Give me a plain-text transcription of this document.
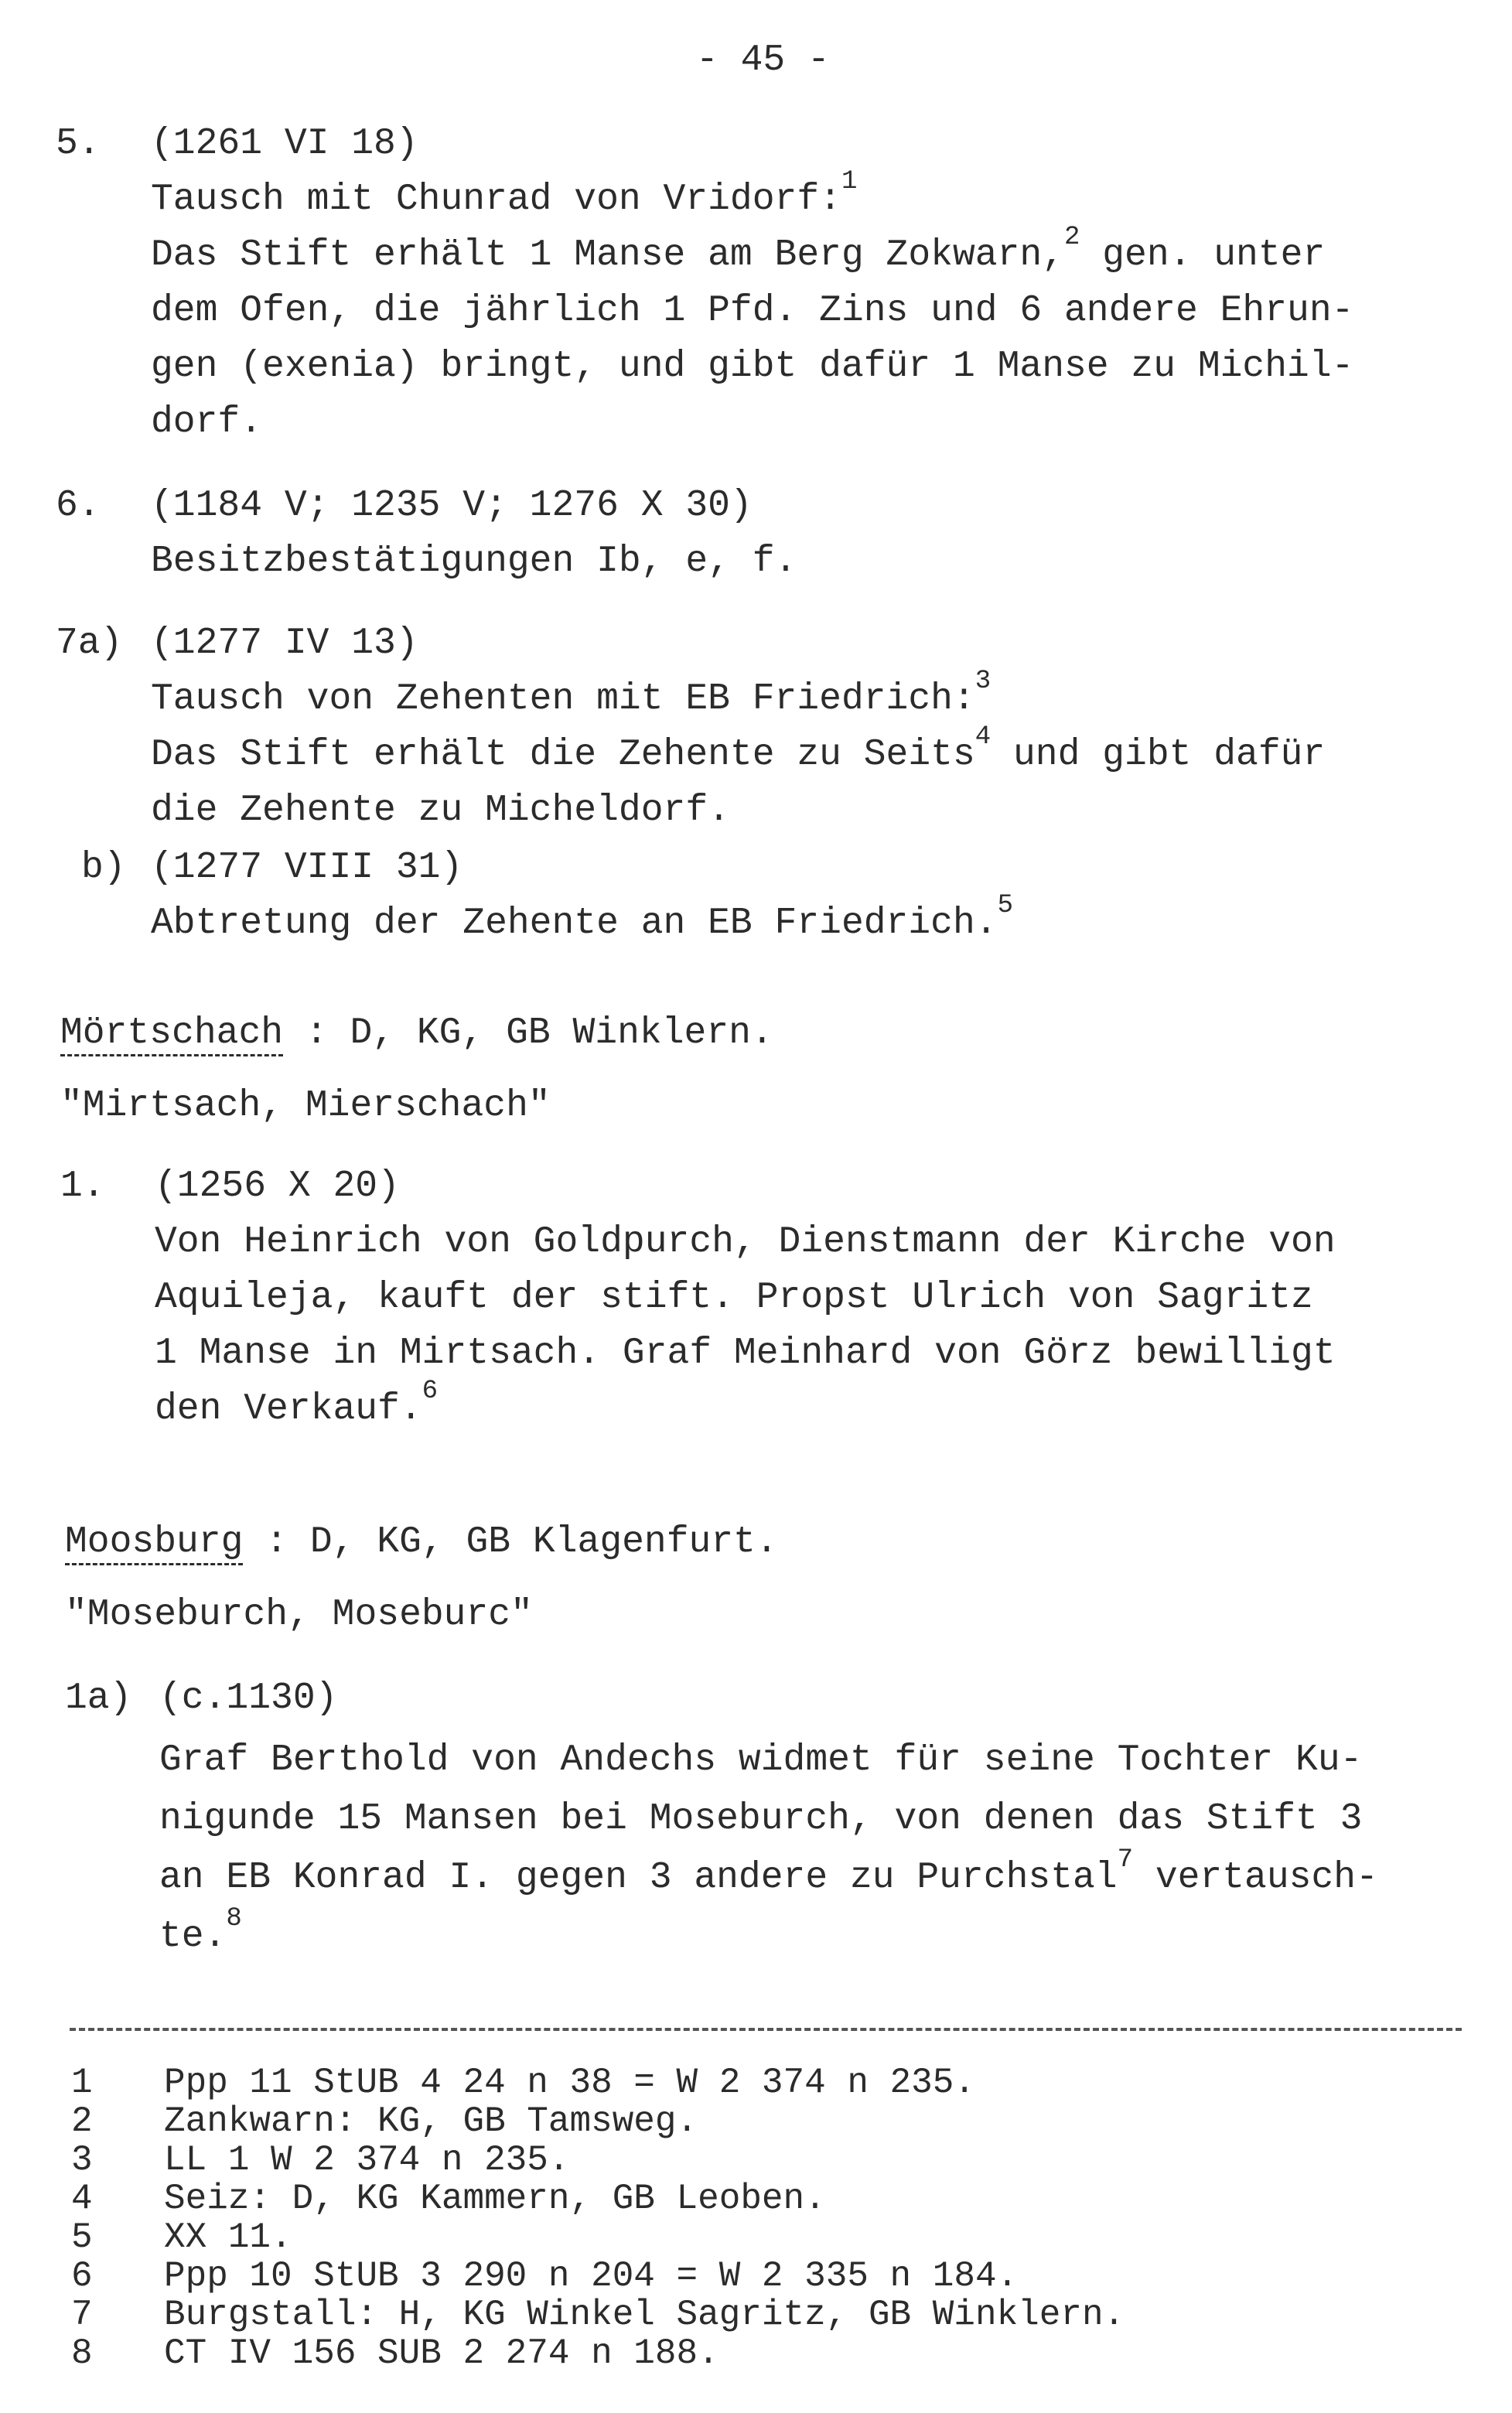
- 45 -
5. (1261 VI 18)
Tausch mit Chunrad von Vridorf:$^1$
Das Stift erhält 1 Manse am Berg Zokwarn,$^2$ gen. unter
dem Ofen, die jährlich 1 Pfd. Zins und 6 andere Ehrun-
gen (exenia) bringt, und gibt dafür 1 Manse zu Michil-
dorf.
6. (1184 V; 1235 V; 1276 X 30)
Besitzbestätigungen Ib, e, f.
7a) (1277 IV 13)
Tausch von Zehenten mit EB Friedrich:$^3$
Das Stift erhält die Zehente zu Seits$^4$ und gibt dafür
die Zehente zu Micheldorf.
b) (1277 VIII 31)
Abtretung der Zehente an EB Friedrich.$^5$
Mörtschach : D, KG, GB Winklern.
"Mirtsach, Mierschach"
1. (1256 X 20)
Von Heinrich von Goldpurch, Dienstmann der Kirche von
Aquileja, kauft der stift. Propst Ulrich von Sagritz
1 Manse in Mirtsach. Graf Meinhard von Görz bewilligt
den Verkauf.$^6$
Moosburg : D, KG, GB Klagenfurt.
"Moseburch, Moseburc"
1a) (c.1130)
Graf Berthold von Andechs widmet für seine Tochter Ku-
nigunde 15 Mansen bei Moseburch, von denen das Stift 3
an EB Konrad I. gegen 3 andere zu Purchstal$^7$ vertausch-
te.$^8$
1 Ppp 11 StUB 4 24 n 38 = W 2 374 n 235.
2 Zankwarn: KG, GB Tamsweg.
3 LL 1 W 2 374 n 235.
4 Seiz: D, KG Kammern, GB Leoben.
5 XX 11.
6 Ppp 10 StUB 3 290 n 204 = W 2 335 n 184.
7 Burgstall: H, KG Winkel Sagritz, GB Winklern.
8 CT IV 156 SUB 2 274 n 188.
